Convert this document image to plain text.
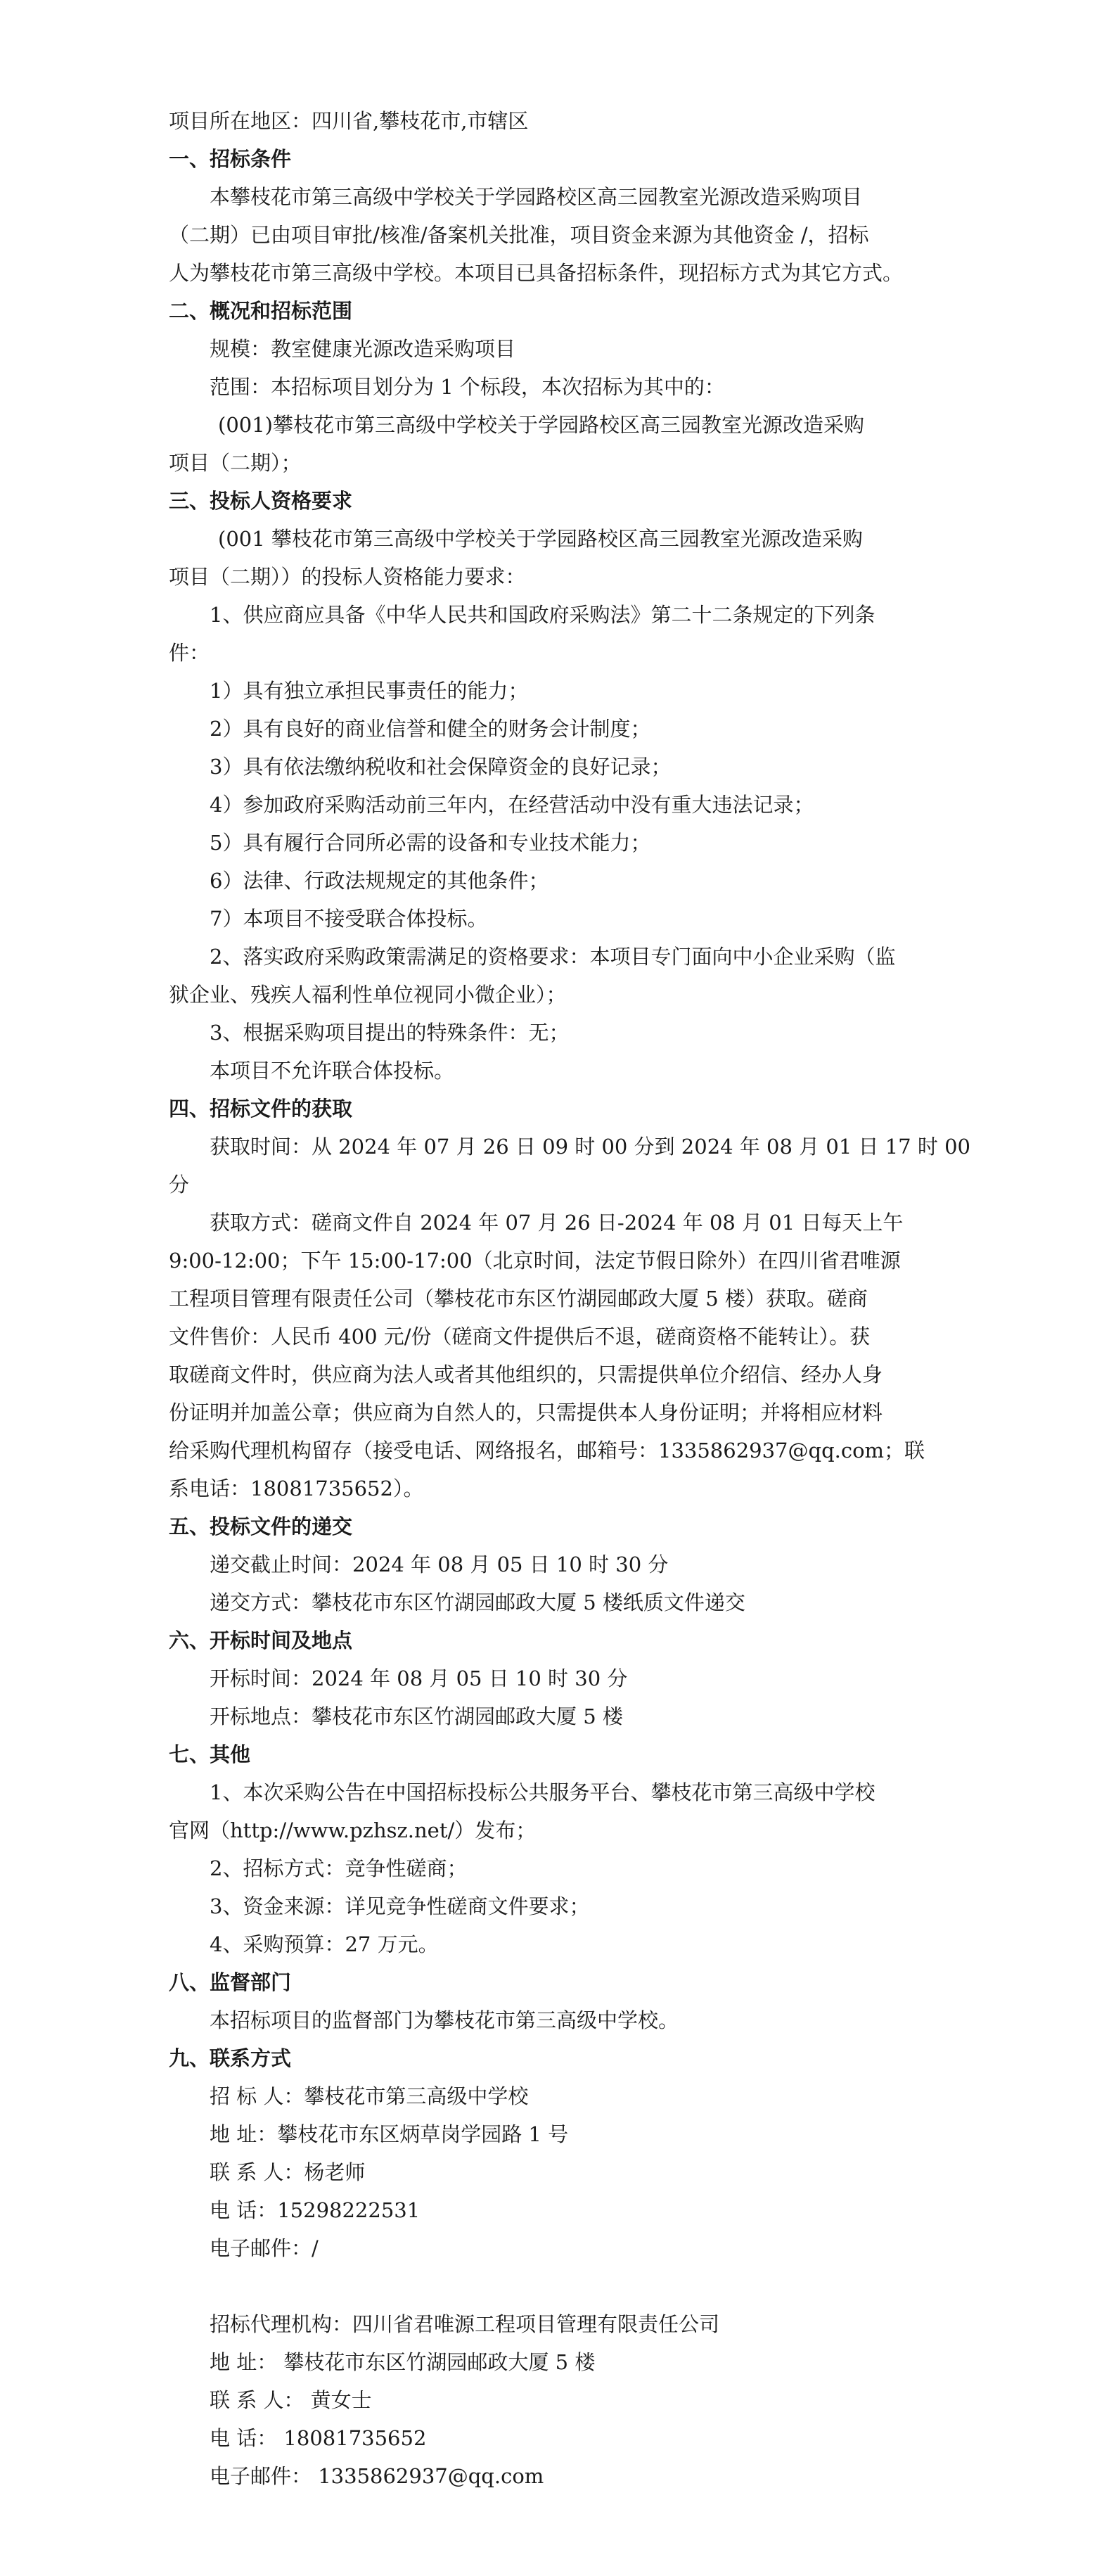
项目所在地区：四川省,攀枝花市,市辖区
一、招标条件
本攀枝花市第三高级中学校关于学园路校区高三园教室光源改造采购项目
（二期）已由项目审批/核准/备案机关批准，项目资金来源为其他资金 /，招标
人为攀枝花市第三高级中学校。本项目已具备招标条件，现招标方式为其它方式。
二、概况和招标范围
规模：教室健康光源改造采购项目
范围：本招标项目划分为 1 个标段，本次招标为其中的：
(001)攀枝花市第三高级中学校关于学园路校区高三园教室光源改造采购
项目（二期）；
三、投标人资格要求
(001 攀枝花市第三高级中学校关于学园路校区高三园教室光源改造采购
项目（二期））的投标人资格能力要求：
1、供应商应具备《中华人民共和国政府采购法》第二十二条规定的下列条
件：
1）具有独立承担民事责任的能力；
2）具有良好的商业信誉和健全的财务会计制度；
3）具有依法缴纳税收和社会保障资金的良好记录；
4）参加政府采购活动前三年内，在经营活动中没有重大违法记录；
5）具有履行合同所必需的设备和专业技术能力；
6）法律、行政法规规定的其他条件；
7）本项目不接受联合体投标。
2、落实政府采购政策需满足的资格要求：本项目专门面向中小企业采购（监
狱企业、残疾人福利性单位视同小微企业）；
3、根据采购项目提出的特殊条件：无；
本项目不允许联合体投标。
四、招标文件的获取
获取时间：从 2024 年 07 月 26 日 09 时 00 分到 2024 年 08 月 01 日 17 时 00
分
获取方式：磋商文件自 2024 年 07 月 26 日-2024 年 08 月 01 日每天上午
9:00-12:00；下午 15:00-17:00（北京时间，法定节假日除外）在四川省君唯源
工程项目管理有限责任公司（攀枝花市东区竹湖园邮政大厦 5 楼）获取。磋商
文件售价：人民币 400 元/份（磋商文件提供后不退，磋商资格不能转让）。获
取磋商文件时，供应商为法人或者其他组织的，只需提供单位介绍信、经办人身
份证明并加盖公章；供应商为自然人的，只需提供本人身份证明；并将相应材料
给采购代理机构留存（接受电话、网络报名，邮箱号：1335862937@qq.com；联
系电话：18081735652）。
五、投标文件的递交
递交截止时间：2024 年 08 月 05 日 10 时 30 分
递交方式：攀枝花市东区竹湖园邮政大厦 5 楼纸质文件递交
六、开标时间及地点
开标时间：2024 年 08 月 05 日 10 时 30 分
开标地点：攀枝花市东区竹湖园邮政大厦 5 楼
七、其他
1、本次采购公告在中国招标投标公共服务平台、攀枝花市第三高级中学校
官网（http://www.pzhsz.net/）发布；
2、招标方式：竞争性磋商；
3、资金来源：详见竞争性磋商文件要求；
4、采购预算：27 万元。
八、监督部门
本招标项目的监督部门为攀枝花市第三高级中学校。
九、联系方式
招 标 人：攀枝花市第三高级中学校
地 址：攀枝花市东区炳草岗学园路 1 号
联 系 人：杨老师
电 话：15298222531
电子邮件：/
招标代理机构：四川省君唯源工程项目管理有限责任公司
地 址： 攀枝花市东区竹湖园邮政大厦 5 楼
联 系 人： 黄女士
电 话： 18081735652
电子邮件： 1335862937@qq.com
